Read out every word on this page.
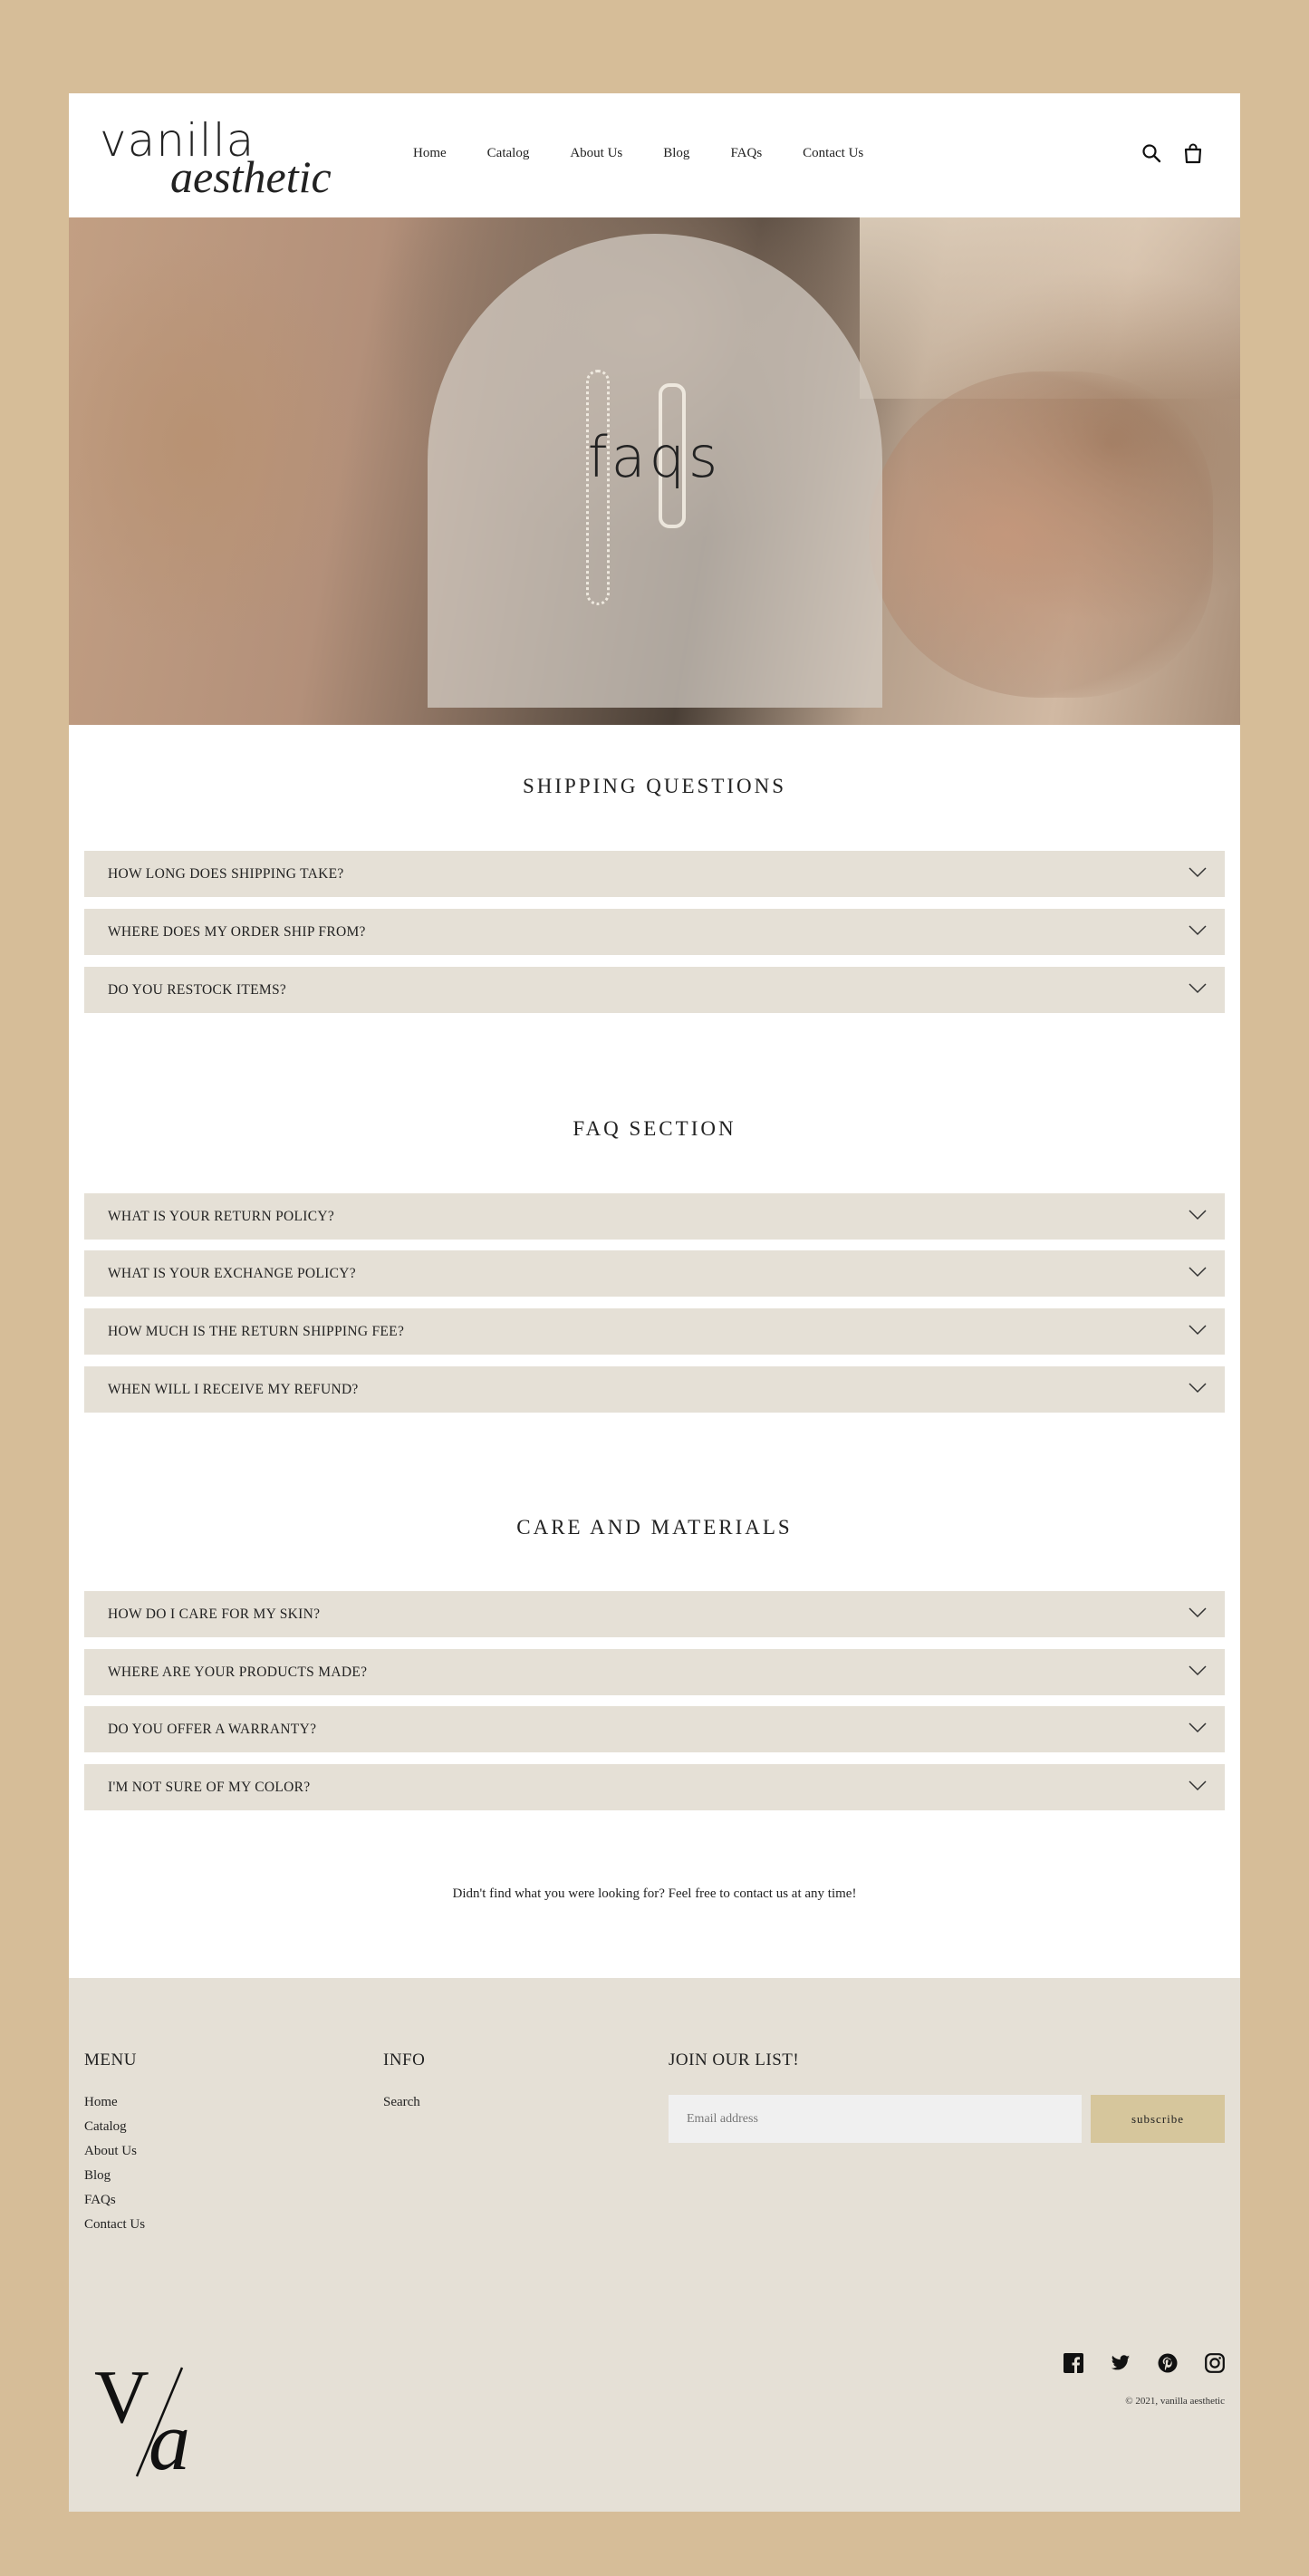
vanilla
aesthetic	Home	Catalog	About Us	Blog	FAQs	Contact Us
faqs
SHIPPING QUESTIONS
HOW LONG DOES SHIPPING TAKE?
WHERE DOES MY ORDER SHIP FROM?
DO YOU RESTOCK ITEMS?
FAQ SECTION
WHAT IS YOUR RETURN POLICY?
WHAT IS YOUR EXCHANGE POLICY?
HOW MUCH IS THE RETURN SHIPPING FEE?
WHEN WILL I RECEIVE MY REFUND?
CARE AND MATERIALS
HOW DO I CARE FOR MY SKIN?
WHERE ARE YOUR PRODUCTS MADE?
DO YOU OFFER A WARRANTY?
I'M NOT SURE OF MY COLOR?
Didn't find what you were looking for? Feel free to contact us at any time!
MENU
Home
Catalog
About Us
Blog
FAQs
Contact Us
INFO
Search
JOIN OUR LIST!
Email address
subscribe
V a	© 2021, vanilla aesthetic
